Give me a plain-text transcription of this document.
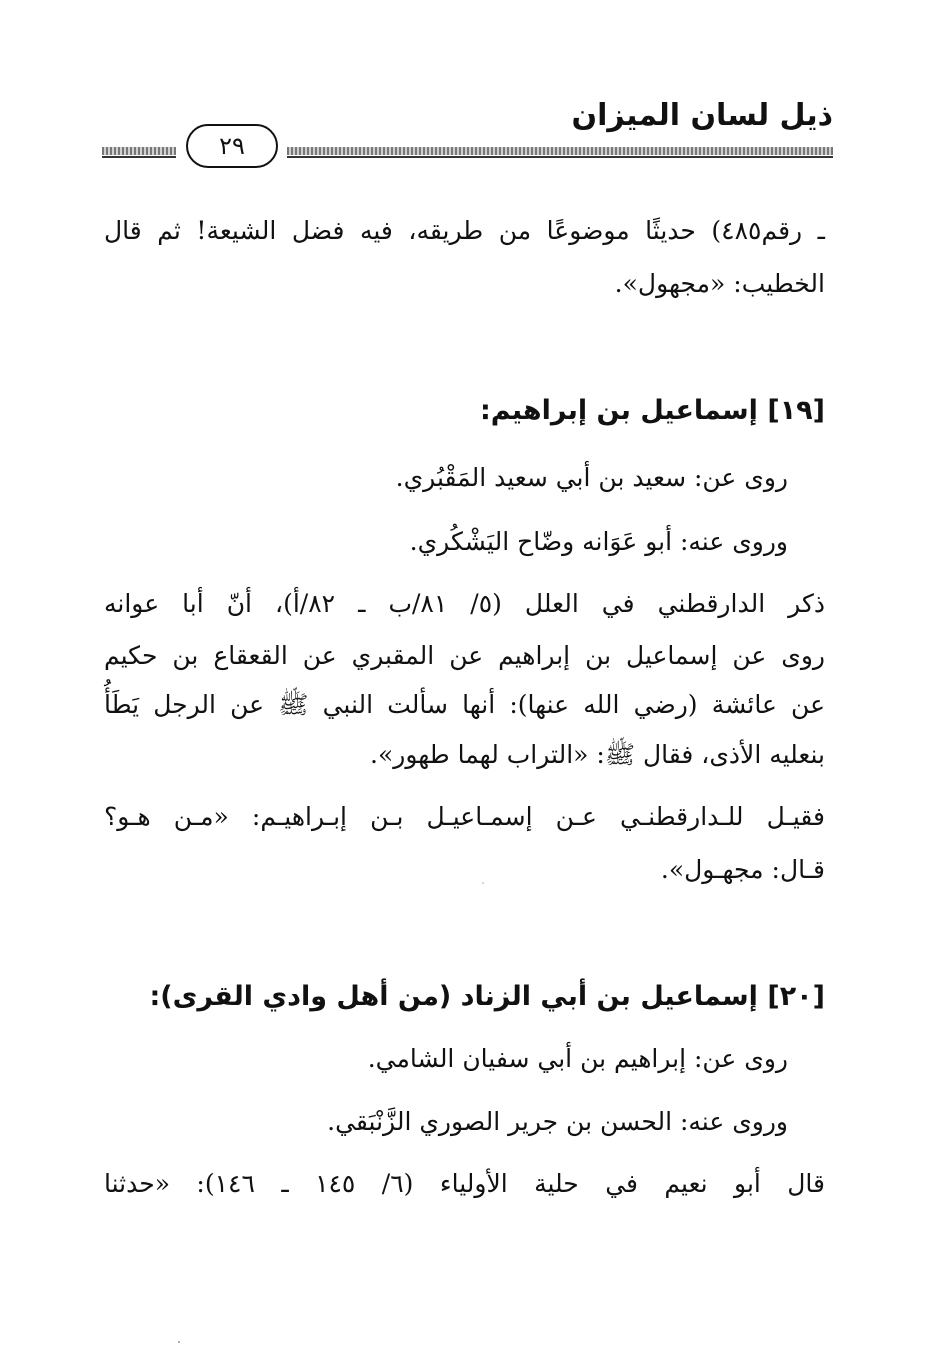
ذيل لسان الميزان
٢٩
ـ رقم٤٨٥) حديثًا موضوعًا من طريقه، فيه فضل الشيعة! ثم قال
الخطيب: «مجهول».
[١٩] إسماعيل بن إبراهيم:
روى عن: سعيد بن أبي سعيد المَقْبُري.
وروى عنه: أبو عَوَانه وضّاح اليَشْكُري.
ذكر الدارقطني في العلل (٥/ ٨١/ب ـ ٨٢/أ)، أنّ أبا عوانه
روى عن إسماعيل بن إبراهيم عن المقبري عن القعقاع بن حكيم
عن عائشة (رضي الله عنها): أنها سألت النبي ﷺ عن الرجل يَطَأُ
بنعليه الأذى، فقال ﷺ: «التراب لهما طهور».
فقيـل للـدارقطنـي عـن إسمـاعيـل بـن إبـراهيـم: «مـن هـو؟
قـال: مجهـول».
[٢٠] إسماعيل بن أبي الزناد (من أهل وادي القرى):
روى عن: إبراهيم بن أبي سفيان الشامي.
وروى عنه: الحسن بن جرير الصوري الزَّنْبَقي.
قال أبو نعيم في حلية الأولياء (٦/ ١٤٥ ـ ١٤٦): «حدثنا
